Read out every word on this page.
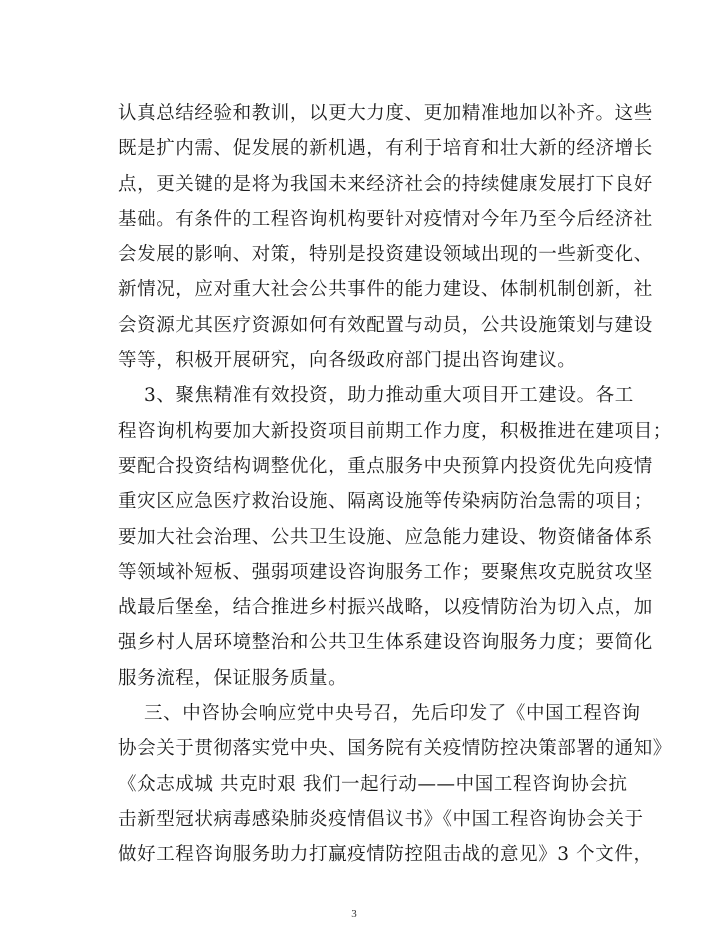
认真总结经验和教训，以更大力度、更加精准地加以补齐。这些
既是扩内需、促发展的新机遇，有利于培育和壮大新的经济增长
点，更关键的是将为我国未来经济社会的持续健康发展打下良好
基础。有条件的工程咨询机构要针对疫情对今年乃至今后经济社
会发展的影响、对策，特别是投资建设领域出现的一些新变化、
新情况，应对重大社会公共事件的能力建设、体制机制创新，社
会资源尤其医疗资源如何有效配置与动员，公共设施策划与建设
等等，积极开展研究，向各级政府部门提出咨询建议。
3、聚焦精准有效投资，助力推动重大项目开工建设。各工
程咨询机构要加大新投资项目前期工作力度，积极推进在建项目；
要配合投资结构调整优化，重点服务中央预算内投资优先向疫情
重灾区应急医疗救治设施、隔离设施等传染病防治急需的项目；
要加大社会治理、公共卫生设施、应急能力建设、物资储备体系
等领域补短板、强弱项建设咨询服务工作；要聚焦攻克脱贫攻坚
战最后堡垒，结合推进乡村振兴战略，以疫情防治为切入点，加
强乡村人居环境整治和公共卫生体系建设咨询服务力度；要简化
服务流程，保证服务质量。
三、中咨协会响应党中央号召，先后印发了《中国工程咨询
协会关于贯彻落实党中央、国务院有关疫情防控决策部署的通知》
《众志成城 共克时艰 我们一起行动——中国工程咨询协会抗
击新型冠状病毒感染肺炎疫情倡议书》《中国工程咨询协会关于
做好工程咨询服务助力打赢疫情防控阻击战的意见》3 个文件，
3
